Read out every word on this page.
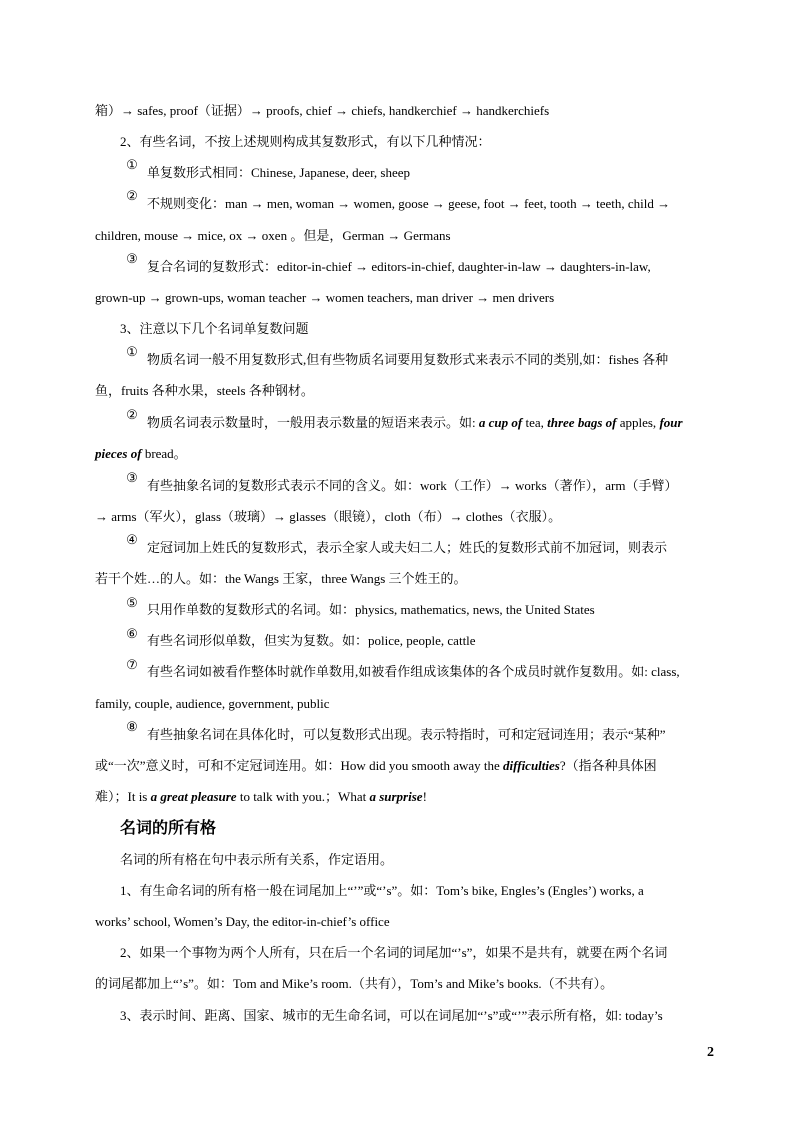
箱）→ safes, proof（证据）→ proofs, chief → chiefs, handkerchief → handkerchiefs
2、有些名词，不按上述规则构成其复数形式，有以下几种情况：
①
单复数形式相同：Chinese, Japanese, deer, sheep
②
不规则变化：man → men, woman → women, goose → geese, foot → feet, tooth → teeth, child →
children, mouse → mice, ox → oxen 。但是，German → Germans
③
复合名词的复数形式：editor-in-chief → editors-in-chief, daughter-in-law → daughters-in-law,
grown-up → grown-ups, woman teacher → women teachers, man driver → men drivers
3、注意以下几个名词单复数问题
①
物质名词一般不用复数形式,但有些物质名词要用复数形式来表示不同的类别,如：fishes 各种
鱼，fruits 各种水果，steels 各种钢材。
②
物质名词表示数量时，一般用表示数量的短语来表示。如: a cup of tea, three bags of apples, four
pieces of bread。
③
有些抽象名词的复数形式表示不同的含义。如：work（工作）→ works（著作），arm（手臂）
→ arms（军火），glass（玻璃）→ glasses（眼镜），cloth（布）→ clothes（衣服）。
④
定冠词加上姓氏的复数形式，表示全家人或夫妇二人；姓氏的复数形式前不加冠词，则表示
若干个姓…的人。如：the Wangs 王家，three Wangs 三个姓王的。
⑤ 只用作单数的复数形式的名词。如：physics, mathematics, news, the United States
⑥ 有些名词形似单数，但实为复数。如：police, people, cattle
⑦ 有些名词如被看作整体时就作单数用,如被看作组成该集体的各个成员时就作复数用。如: class,
family, couple, audience, government, public
⑧
有些抽象名词在具体化时，可以复数形式出现。表示特指时，可和定冠词连用；表示“某种”
或“一次”意义时，可和不定冠词连用。如：How did you smooth away the difficulties?（指各种具体困
难）；It is a great pleasure to talk with you.；What a surprise!
名词的所有格
名词的所有格在句中表示所有关系，作定语用。
1、有生命名词的所有格一般在词尾加上“’”或“’s”。如：Tom’s bike, Engles’s (Engles’) works, a
works’ school, Women’s Day, the editor-in-chief’s office
2、如果一个事物为两个人所有，只在后一个名词的词尾加“’s”，如果不是共有，就要在两个名词
的词尾都加上“’s”。如：Tom and Mike’s room.（共有），Tom’s and Mike’s books.（不共有）。
3、表示时间、距离、国家、城市的无生命名词，可以在词尾加“’s”或“’”表示所有格，如: today’s
2
